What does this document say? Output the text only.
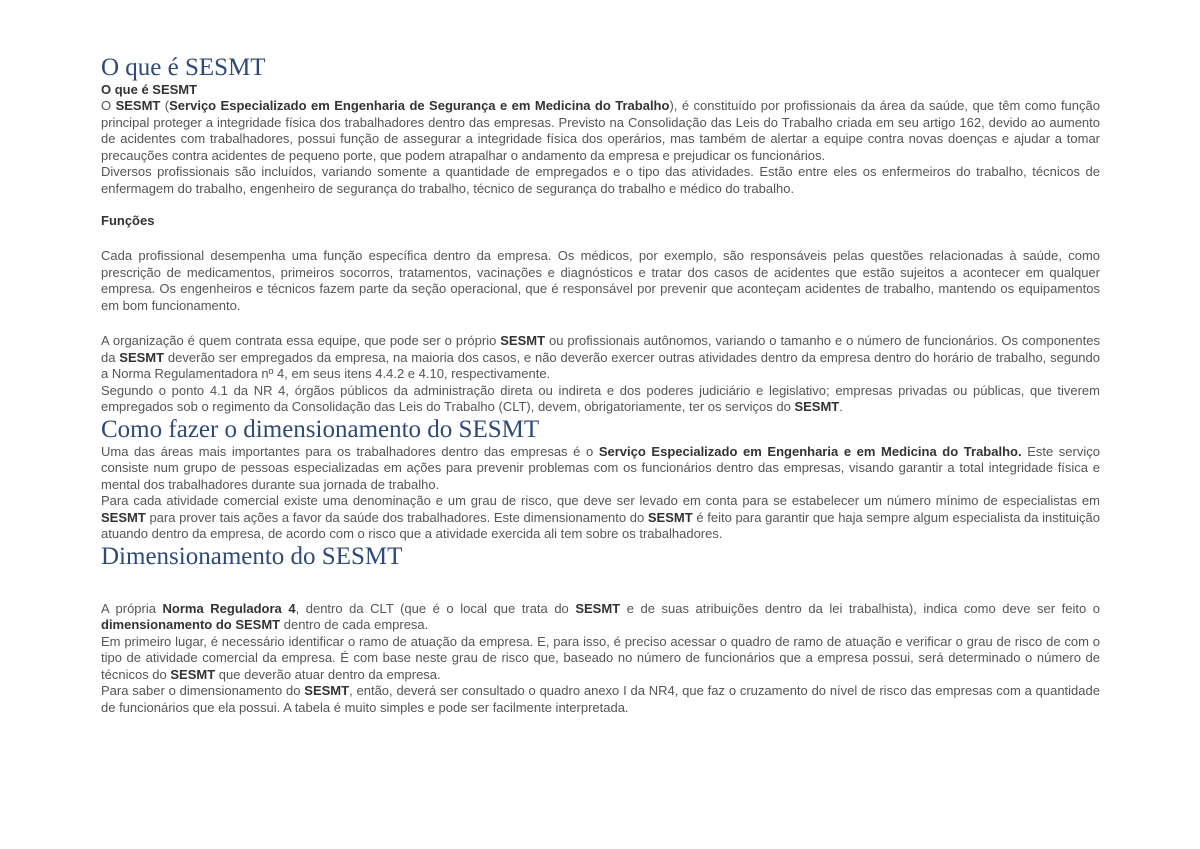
O que é SESMT
O que é SESMT

O SESMT (Serviço Especializado em Engenharia de Segurança e em Medicina do Trabalho), é constituído por profissionais da área da saúde, que têm como função principal proteger a integridade física dos trabalhadores dentro das empresas. Previsto na Consolidação das Leis do Trabalho criada em seu artigo 162, devido ao aumento de acidentes com trabalhadores, possui função de assegurar a integridade física dos operários, mas também de alertar a equipe contra novas doenças e ajudar a tomar precauções contra acidentes de pequeno porte, que podem atrapalhar o andamento da empresa e prejudicar os funcionários.

Diversos profissionais são incluídos, variando somente a quantidade de empregados e o tipo das atividades. Estão entre eles os enfermeiros do trabalho, técnicos de enfermagem do trabalho, engenheiro de segurança do trabalho, técnico de segurança do trabalho e médico do trabalho.

Funções

Cada profissional desempenha uma função específica dentro da empresa. Os médicos, por exemplo, são responsáveis pelas questões relacionadas à saúde, como prescrição de medicamentos, primeiros socorros, tratamentos, vacinações e diagnósticos e tratar dos casos de acidentes que estão sujeitos a acontecer em qualquer empresa. Os engenheiros e técnicos fazem parte da seção operacional, que é responsável por prevenir que aconteçam acidentes de trabalho, mantendo os equipamentos em bom funcionamento.

A organização é quem contrata essa equipe, que pode ser o próprio SESMT ou profissionais autônomos, variando o tamanho e o número de funcionários. Os componentes da SESMT deverão ser empregados da empresa, na maioria dos casos, e não deverão exercer outras atividades dentro da empresa dentro do horário de trabalho, segundo a Norma Regulamentadora nº 4, em seus itens 4.4.2 e 4.10, respectivamente.

Segundo o ponto 4.1 da NR 4, órgãos públicos da administração direta ou indireta e dos poderes judiciário e legislativo; empresas privadas ou públicas, que tiverem empregados sob o regimento da Consolidação das Leis do Trabalho (CLT), devem, obrigatoriamente, ter os serviços do SESMT.

Como fazer o dimensionamento do SESMT

Uma das áreas mais importantes para os trabalhadores dentro das empresas é o Serviço Especializado em Engenharia e em Medicina do Trabalho. Este serviço consiste num grupo de pessoas especializadas em ações para prevenir problemas com os funcionários dentro das empresas, visando garantir a total integridade física e mental dos trabalhadores durante sua jornada de trabalho.

Para cada atividade comercial existe uma denominação e um grau de risco, que deve ser levado em conta para se estabelecer um número mínimo de especialistas em SESMT para prover tais ações a favor da saúde dos trabalhadores. Este dimensionamento do SESMT é feito para garantir que haja sempre algum especialista da instituição atuando dentro da empresa, de acordo com o risco que a atividade exercida ali tem sobre os trabalhadores.

Dimensionamento do SESMT

A própria Norma Reguladora 4, dentro da CLT (que é o local que trata do SESMT e de suas atribuições dentro da lei trabalhista), indica como deve ser feito o dimensionamento do SESMT dentro de cada empresa.

Em primeiro lugar, é necessário identificar o ramo de atuação da empresa. E, para isso, é preciso acessar o quadro de ramo de atuação e verificar o grau de risco de com o tipo de atividade comercial da empresa. É com base neste grau de risco que, baseado no número de funcionários que a empresa possui, será determinado o número de técnicos do SESMT que deverão atuar dentro da empresa.

Para saber o dimensionamento do SESMT, então, deverá ser consultado o quadro anexo I da NR4, que faz o cruzamento do nível de risco das empresas com a quantidade de funcionários que ela possui. A tabela é muito simples e pode ser facilmente interpretada.
